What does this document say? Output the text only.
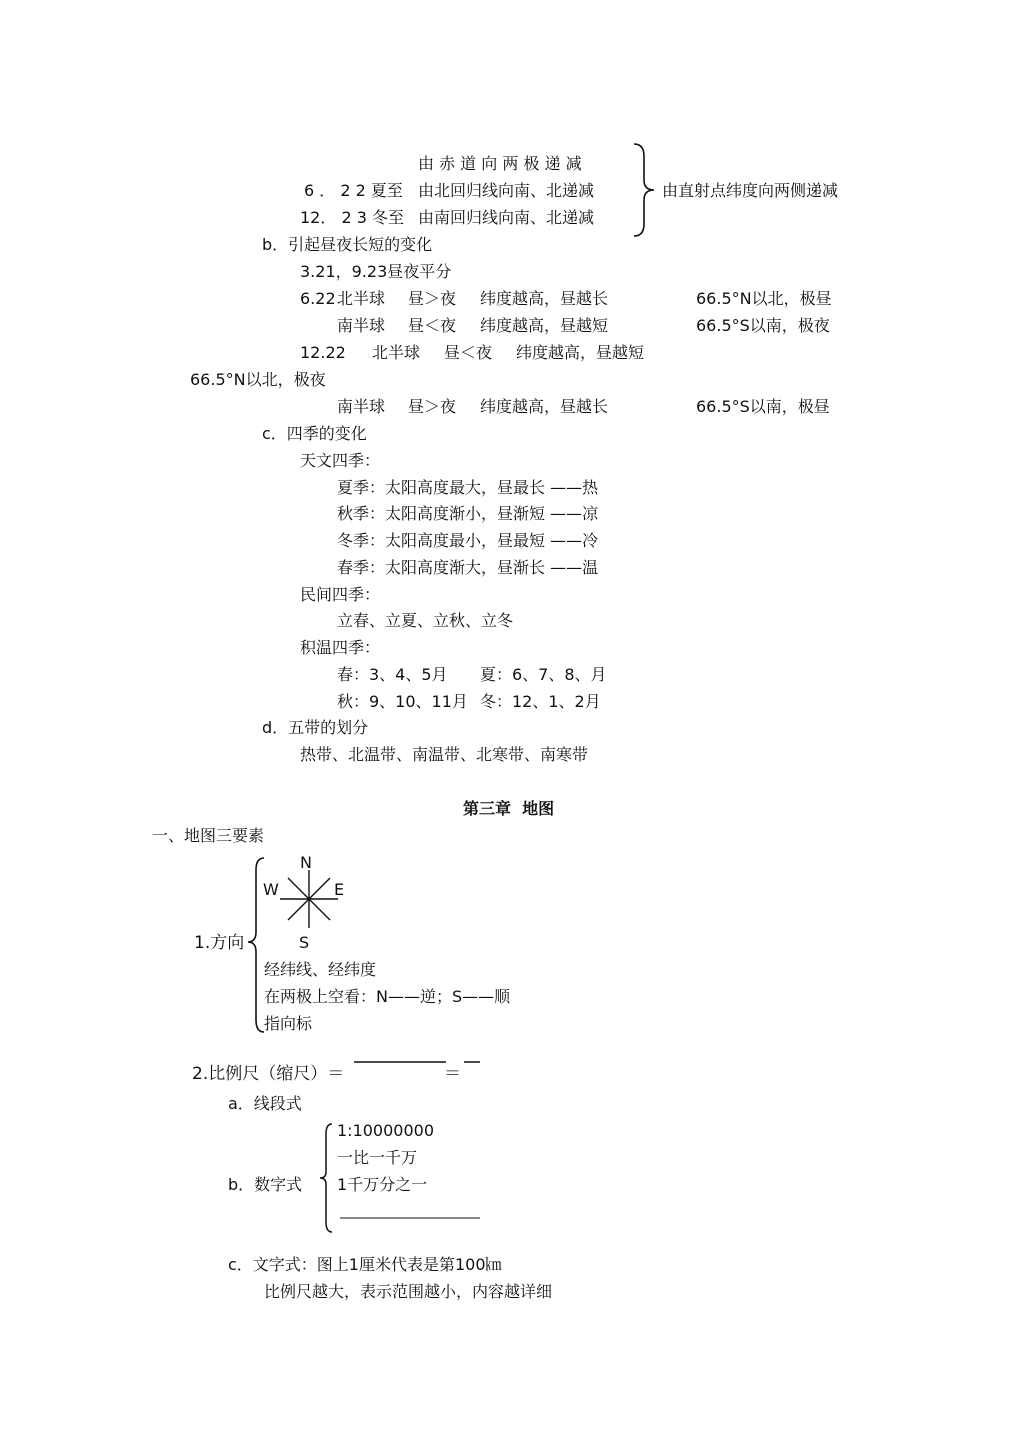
由 赤 道 向 两 极 递 减
6 ． 2 2 夏至 由北回归线向南、北递减
12． 2 3 冬至 由南回归线向南、北递减
由直射点纬度向两侧递减
b．引起昼夜长短的变化
3.21，9.23昼夜平分
6.22 北半球 昼＞夜 纬度越高，昼越长	66.5°N以北，极昼
南半球 昼＜夜 纬度越高，昼越短	66.5°S以南，极夜
12.22 北半球 昼＜夜 纬度越高，昼越短
66.5°N以北，极夜
南半球 昼＞夜 纬度越高，昼越长	66.5°S以南，极昼
c．四季的变化
天文四季：
夏季：太阳高度最大，昼最长 ——热
秋季：太阳高度渐小，昼渐短 ——凉
冬季：太阳高度最小，昼最短 ——冷
春季：太阳高度渐大，昼渐长 ——温
民间四季：
立春、立夏、立秋、立冬
积温四季：
春：3、4、5月 夏：6、7、8、月
秋：9、10、11月 冬：12、1、2月
d．五带的划分
热带、北温带、南温带、北寒带、南寒带
第三章  地图
一、地图三要素
1.方向
N
W	E
S
经纬线、经纬度
在两极上空看：N——逆；S——顺
指向标
2.比例尺（缩尺）＝	＝
a．线段式
b．数字式
1:10000000
一比一千万
1千万分之一
c．文字式：图上1厘米代表是第100㎞
比例尺越大，表示范围越小，内容越详细
